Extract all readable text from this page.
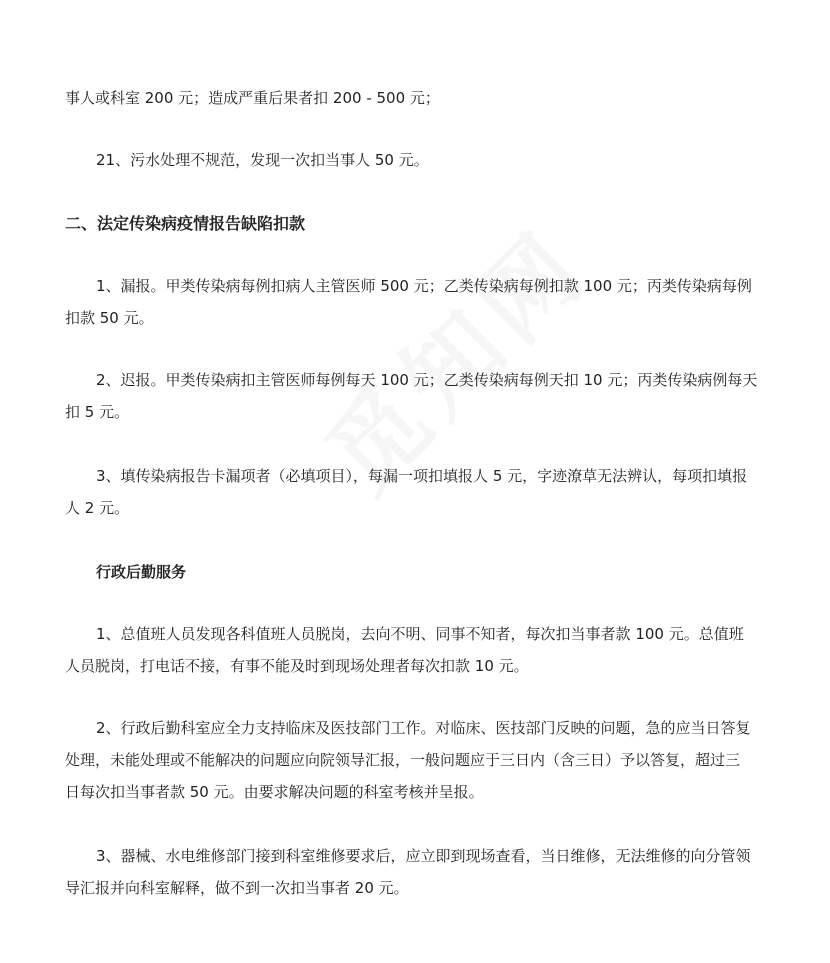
事人或科室 200 元；造成严重后果者扣 200 - 500 元；
21、污水处理不规范，发现一次扣当事人 50 元。
二、法定传染病疫情报告缺陷扣款
1、漏报。甲类传染病每例扣病人主管医师 500 元；乙类传染病每例扣款 100 元；丙类传染病每例
扣款 50 元。
2、迟报。甲类传染病扣主管医师每例每天 100 元；乙类传染病每例天扣 10 元；丙类传染病例每天
扣 5 元。
3、填传染病报告卡漏项者（必填项目），每漏一项扣填报人 5 元，字迹潦草无法辨认，每项扣填报
人 2 元。
行政后勤服务
1、总值班人员发现各科值班人员脱岗，去向不明、同事不知者，每次扣当事者款 100 元。总值班
人员脱岗，打电话不接，有事不能及时到现场处理者每次扣款 10 元。
2、行政后勤科室应全力支持临床及医技部门工作。对临床、医技部门反映的问题，急的应当日答复
处理，未能处理或不能解决的问题应向院领导汇报，一般问题应于三日内（含三日）予以答复，超过三
日每次扣当事者款 50 元。由要求解决问题的科室考核并呈报。
3、器械、水电维修部门接到科室维修要求后，应立即到现场查看，当日维修，无法维修的向分管领
导汇报并向科室解释，做不到一次扣当事者 20 元。
